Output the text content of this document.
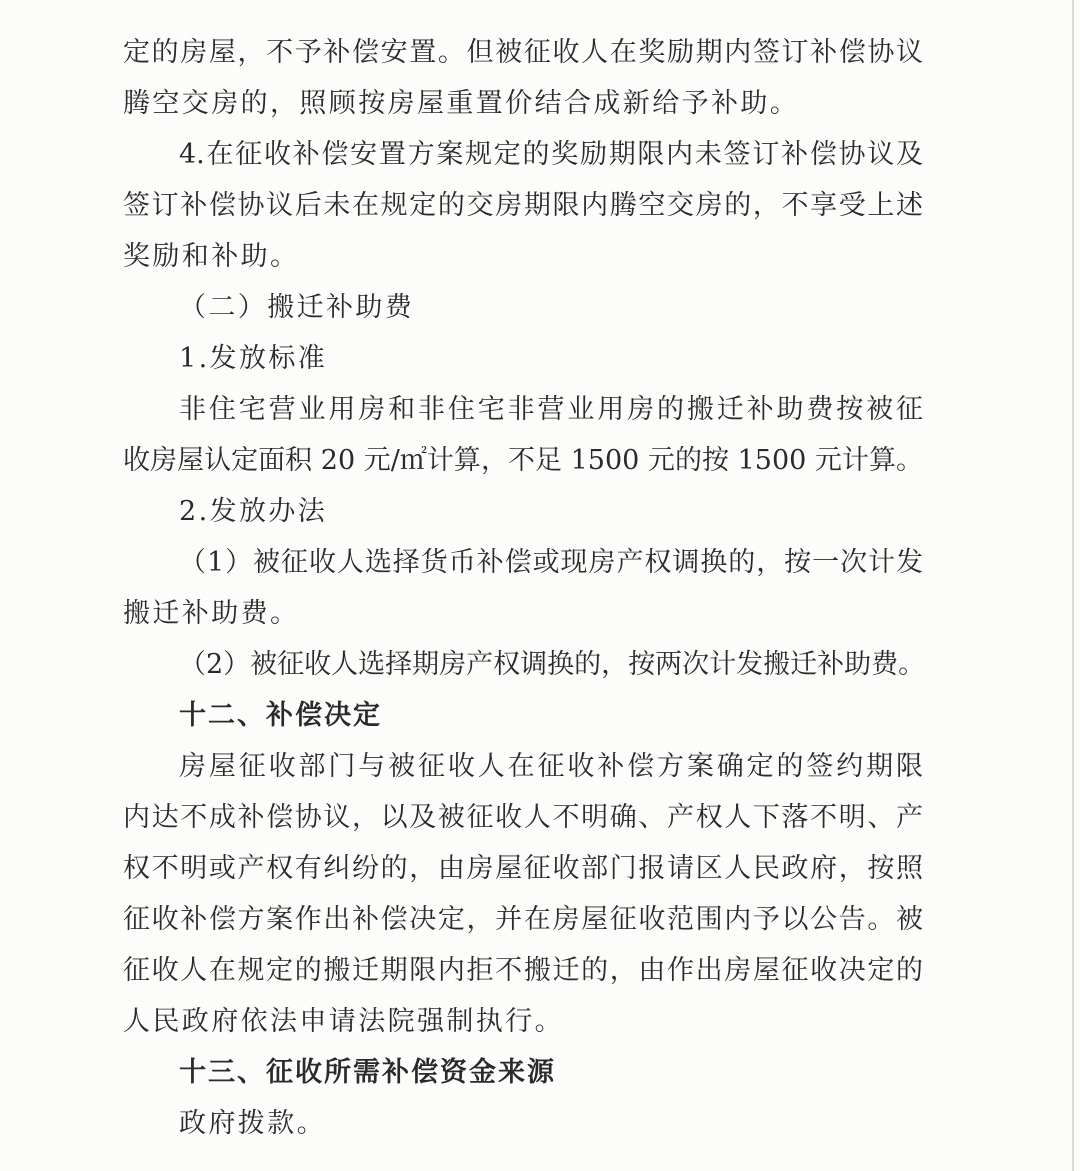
定的房屋，不予补偿安置。但被征收人在奖励期内签订补偿协议
腾空交房的，照顾按房屋重置价结合成新给予补助。
4.在征收补偿安置方案规定的奖励期限内未签订补偿协议及
签订补偿协议后未在规定的交房期限内腾空交房的，不享受上述
奖励和补助。
（二）搬迁补助费
1.发放标准
非住宅营业用房和非住宅非营业用房的搬迁补助费按被征
收房屋认定面积 20 元/㎡计算，不足 1500 元的按 1500 元计算。
2.发放办法
（1）被征收人选择货币补偿或现房产权调换的，按一次计发
搬迁补助费。
（2）被征收人选择期房产权调换的，按两次计发搬迁补助费。
十二、补偿决定
房屋征收部门与被征收人在征收补偿方案确定的签约期限
内达不成补偿协议，以及被征收人不明确、产权人下落不明、产
权不明或产权有纠纷的，由房屋征收部门报请区人民政府，按照
征收补偿方案作出补偿决定，并在房屋征收范围内予以公告。被
征收人在规定的搬迁期限内拒不搬迁的，由作出房屋征收决定的
人民政府依法申请法院强制执行。
十三、征收所需补偿资金来源
政府拨款。
